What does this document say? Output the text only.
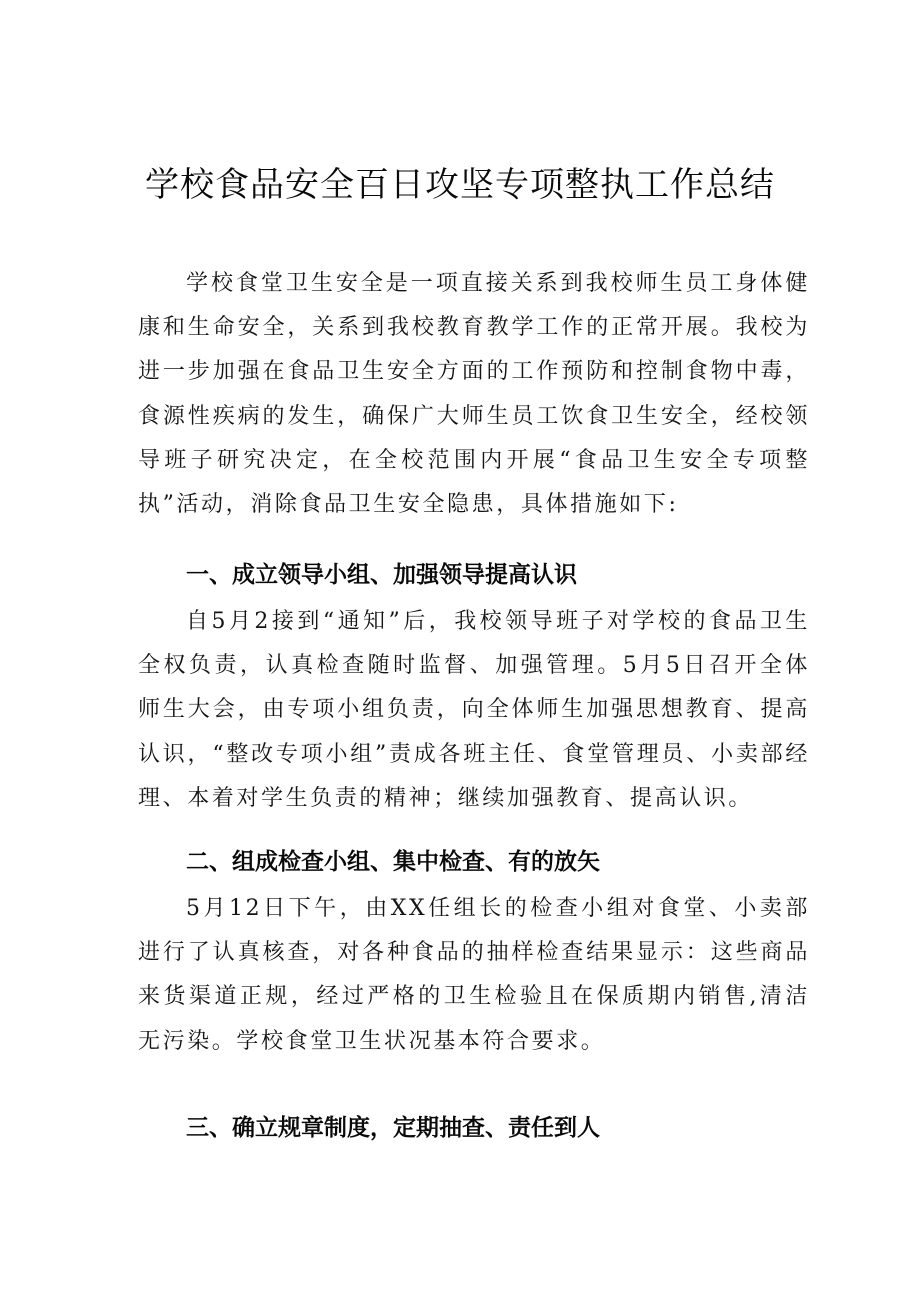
学校食品安全百日攻坚专项整执工作总结

学校食堂卫生安全是一项直接关系到我校师生员工身体健康和生命安全，关系到我校教育教学工作的正常开展。我校为进一步加强在食品卫生安全方面的工作预防和控制食物中毒，食源性疾病的发生，确保广大师生员工饮食卫生安全，经校领导班子研究决定，在全校范围内开展“食品卫生安全专项整执”活动，消除食品卫生安全隐患，具体措施如下:

一、成立领导小组、加强领导提高认识

自5月2接到“通知”后，我校领导班子对学校的食品卫生全权负责，认真检查随时监督、加强管理。5月5日召开全体师生大会，由专项小组负责，向全体师生加强思想教育、提高认识，“整改专项小组”责成各班主任、食堂管理员、小卖部经理、本着对学生负责的精神；继续加强教育、提高认识。

二、组成检查小组、集中检查、有的放矢

5月12日下午，由XX任组长的检查小组对食堂、小卖部进行了认真核查，对各种食品的抽样检查结果显示：这些商品来货渠道正规，经过严格的卫生检验且在保质期内销售,清洁无污染。学校食堂卫生状况基本符合要求。

三、确立规章制度，定期抽查、责任到人
